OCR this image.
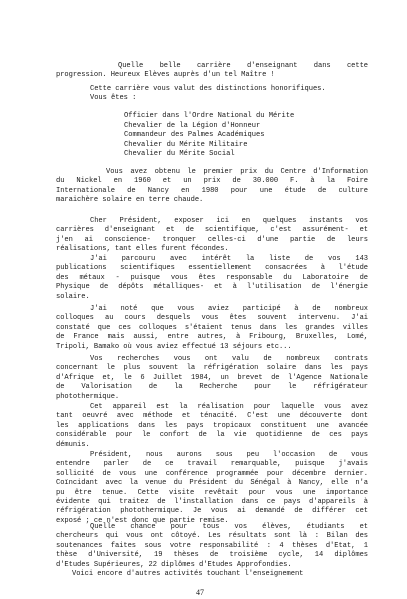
Quelle belle carrière d'enseignant dans cette
progression. Heureux Elèves auprès d'un tel Maître !
Cette carrière vous valut des distinctions honorifiques.
Vous êtes :
Officier dans l'Ordre National du Mérite
Chevalier de la Légion d'Honneur
Commandeur des Palmes Académiques
Chevalier du Mérite Militaire
Chevalier du Mérite Social
Vous avez obtenu le premier prix du Centre d'Information
du Nickel en 1960 et un prix de 30.000 F. à la Foire
Internationale de Nancy en 1980 pour une étude de culture
maraichère solaire en terre chaude.
Cher Président, exposer ici en quelques instants vos
carrières d'enseignant et de scientifique, c'est assurément- et
j'en ai conscience- tronquer celles-ci d'une partie de leurs
réalisations, tant elles furent fécondes.
J'ai parcouru avec intérêt la liste de vos 143
publications scientifiques essentiellement consacrées à l'étude
des métaux - puisque vous êtes responsable du Laboratoire de
Physique de dépôts métalliques- et à l'utilisation de l'énergie
solaire.
J'ai noté que vous aviez participé à de nombreux
colloques au cours desquels vous êtes souvent intervenu. J'ai
constaté que ces colloques s'étaient tenus dans les grandes villes
de France mais aussi, entre autres, à Fribourg, Bruxelles, Lomé,
Tripoli, Bamako où vous aviez effectué 13 séjours etc...
Vos recherches vous ont valu de nombreux contrats
concernant le plus souvent la réfrigération solaire dans les pays
d'Afrique et, le 6 Juillet 1984, un brevet de l'Agence Nationale
de Valorisation de la Recherche pour le réfrigérateur
photothermique.
Cet appareil est la réalisation pour laquelle vous avez
tant oeuvré avec méthode et ténacité. C'est une découverte dont
les applications dans les pays tropicaux constituent une avancée
considérable pour le confort de la vie quotidienne de ces pays
démunis.
Président, nous aurons sous peu l'occasion de vous
entendre parler de ce travail remarquable, puisque j'avais
sollicité de vous une conférence programmée pour décembre dernier.
Coïncidant avec la venue du Président du Sénégal à Nancy, elle n'a
pu être tenue. Cette visite revêtait pour vous une importance
évidente qui traitez de l'installation dans ce pays d'appareils à
réfrigération photothermique. Je vous ai demandé de différer cet
exposé ; ce n'est donc que partie remise.
Quelle chance pour tous vos élèves, étudiants et
chercheurs qui vous ont côtoyé. Les résultats sont là : Bilan des
soutenances faites sous votre responsabilité : 4 thèses d'Etat, 1
thèse d'Université, 19 thèses de troisième cycle, 14 diplômes
d'Etudes Supérieures, 22 diplômes d'Etudes Approfondies.
Voici encore d'autres activités touchant l'enseignement
47
